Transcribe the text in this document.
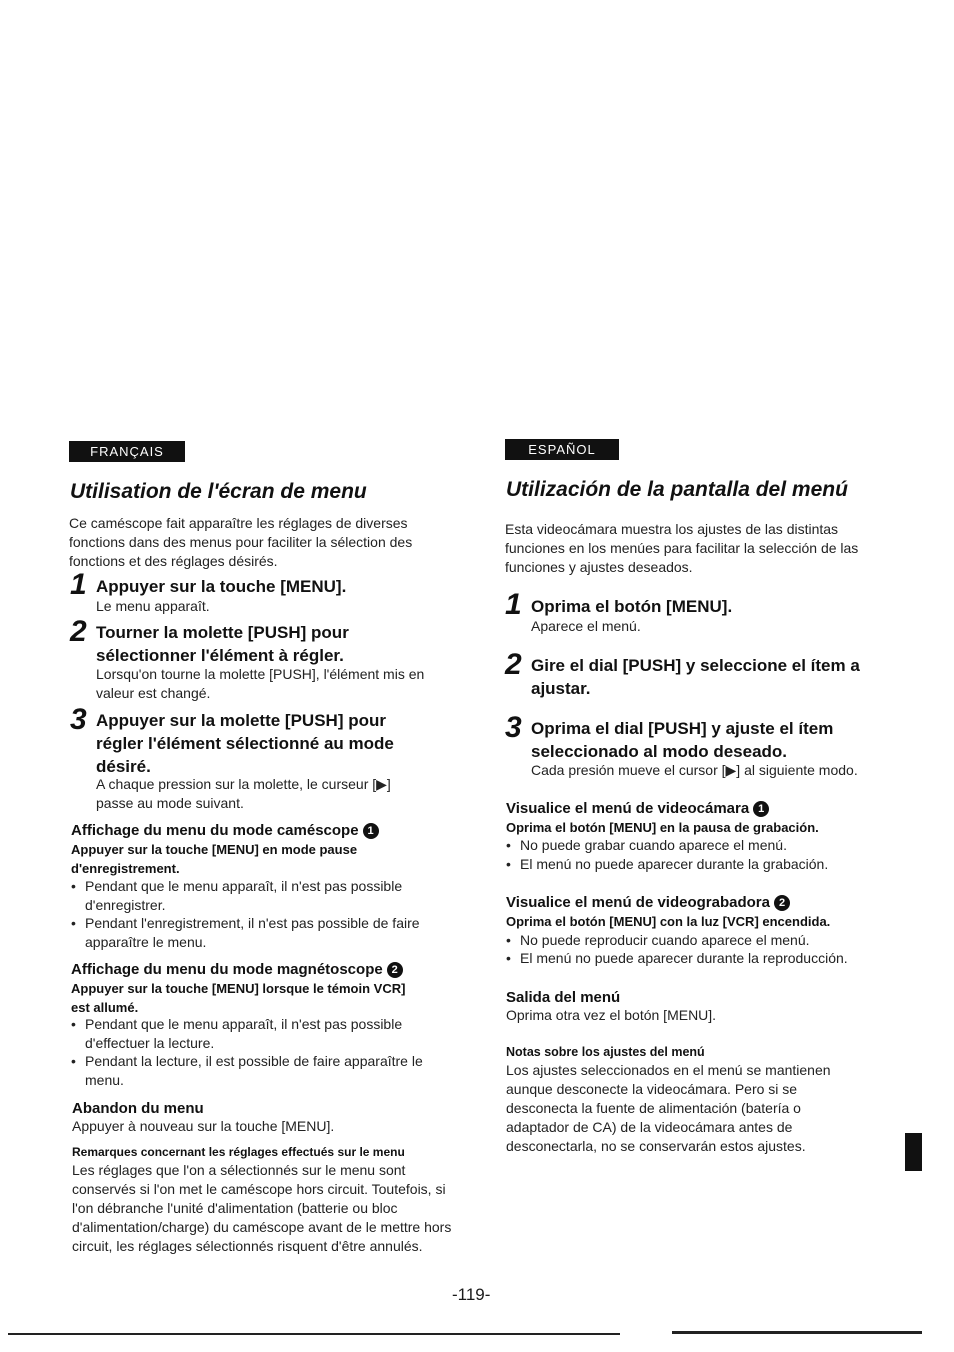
FRANÇAIS
Utilisation de l'écran de menu
Ce caméscope fait apparaître les réglages de diverses fonctions dans des menus pour faciliter la sélection des fonctions et des réglages désirés.
1 Appuyer sur la touche [MENU].
Le menu apparaît.
2 Tourner la molette [PUSH] pour sélectionner l'élément à régler.
Lorsqu'on tourne la molette [PUSH], l'élément mis en valeur est changé.
3 Appuyer sur la molette [PUSH] pour régler l'élément sélectionné au mode désiré.
A chaque pression sur la molette, le curseur [▶] passe au mode suivant.
Affichage du menu du mode caméscope 1
Appuyer sur la touche [MENU] en mode pause d'enregistrement.
• Pendant que le menu apparaît, il n'est pas possible d'enregistrer.
• Pendant l'enregistrement, il n'est pas possible de faire apparaître le menu.
Affichage du menu du mode magnétoscope 2
Appuyer sur la touche [MENU] lorsque le témoin VCR] est allumé.
• Pendant que le menu apparaît, il n'est pas possible d'effectuer la lecture.
• Pendant la lecture, il est possible de faire apparaître le menu.
Abandon du menu
Appuyer à nouveau sur la touche [MENU].
Remarques concernant les réglages effectués sur le menu
Les réglages que l'on a sélectionnés sur le menu sont conservés si l'on met le caméscope hors circuit. Toutefois, si l'on débranche l'unité d'alimentation (batterie ou bloc d'alimentation/charge) du caméscope avant de le mettre hors circuit, les réglages sélectionnés risquent d'être annulés.
ESPAÑOL
Utilización de la pantalla del menú
Esta videocámara muestra los ajustes de las distintas funciones en los menúes para facilitar la selección de las funciones y ajustes deseados.
1 Oprima el botón [MENU].
Aparece el menú.
2 Gire el dial [PUSH] y seleccione el ítem a ajustar.
3 Oprima el dial [PUSH] y ajuste el ítem seleccionado al modo deseado.
Cada presión mueve el cursor [▶] al siguiente modo.
Visualice el menú de videocámara 1
Oprima el botón [MENU] en la pausa de grabación.
• No puede grabar cuando aparece el menú.
• El menú no puede aparecer durante la grabación.
Visualice el menú de videograbadora 2
Oprima el botón [MENU] con la luz [VCR] encendida.
• No puede reproducir cuando aparece el menú.
• El menú no puede aparecer durante la reproducción.
Salida del menú
Oprima otra vez el botón [MENU].
Notas sobre los ajustes del menú
Los ajustes seleccionados en el menú se mantienen aunque desconecte la videocámara. Pero si se desconecta la fuente de alimentación (batería o adaptador de CA) de la videocámara antes de desconectarla, no se conservarán estos ajustes.
-119-
